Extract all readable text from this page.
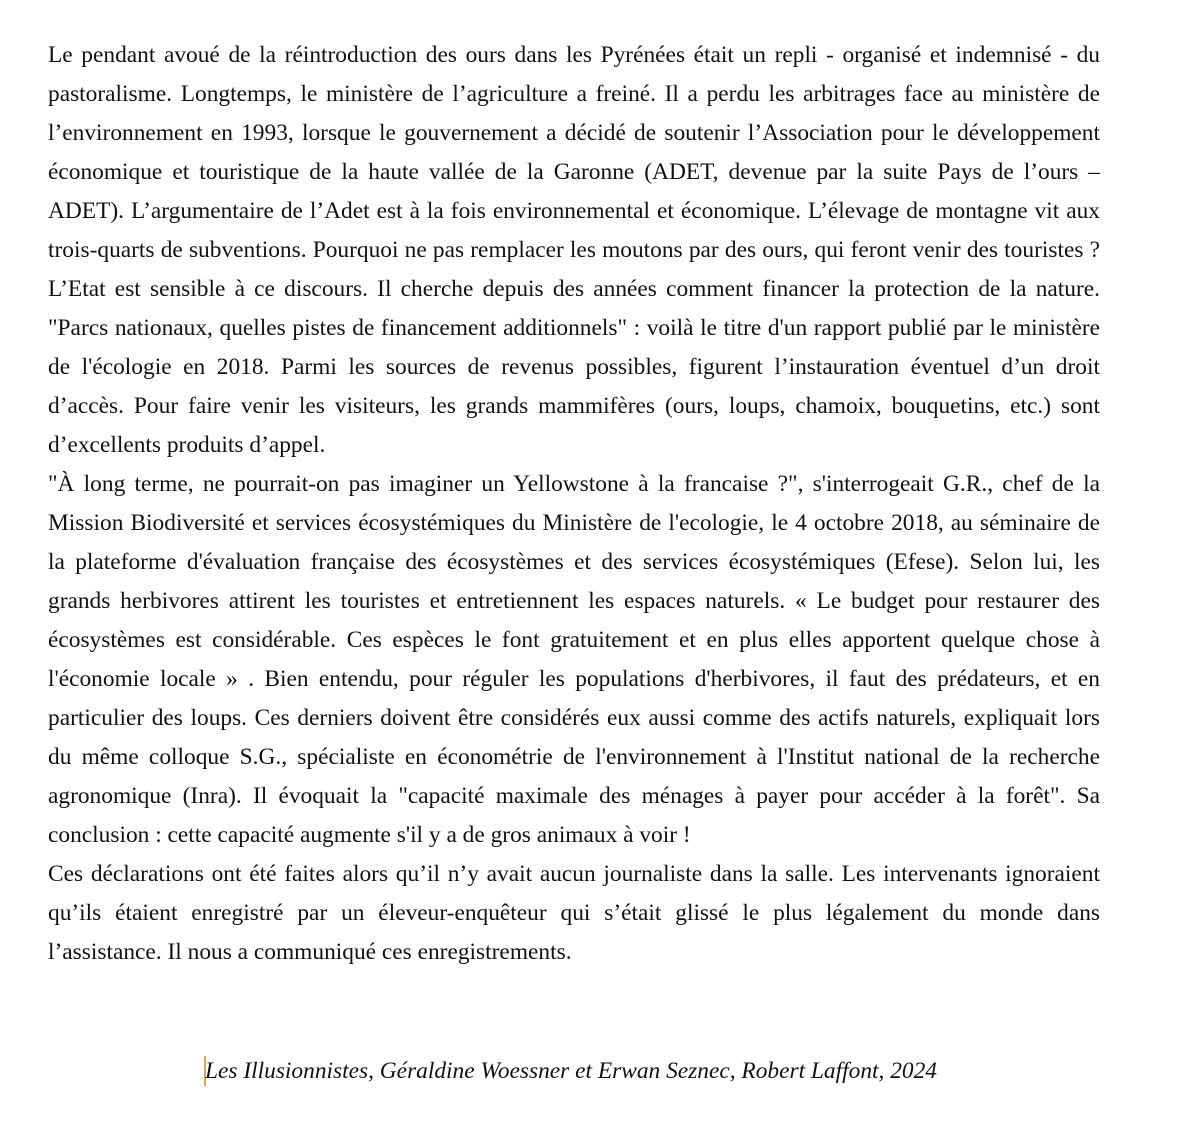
Le pendant avoué de la réintroduction des ours dans les Pyrénées était un repli - organisé et indemnisé - du pastoralisme. Longtemps, le ministère de l’agriculture a freiné. Il a perdu les arbitrages face au ministère de l’environnement en 1993, lorsque le gouvernement a décidé de soutenir l’Association pour le développement économique et touristique de la haute vallée de la Garonne (ADET, devenue par la suite Pays de l’ours – ADET). L’argumentaire de l’Adet est à la fois environnemental et économique. L’élevage de montagne vit aux trois-quarts de subventions. Pourquoi ne pas remplacer les moutons par des ours, qui feront venir des touristes ? L’Etat est sensible à ce discours. Il cherche depuis des années comment financer la protection de la nature. "Parcs nationaux, quelles pistes de financement additionnels" : voilà le titre d'un rapport publié par le ministère de l'écologie en 2018. Parmi les sources de revenus possibles, figurent l’instauration éventuel d’un droit d’accès. Pour faire venir les visiteurs, les grands mammifères (ours, loups, chamoix, bouquetins, etc.) sont d’excellents produits d’appel.

"À long terme, ne pourrait-on pas imaginer un Yellowstone à la francaise ?", s'interrogeait G.R., chef de la Mission Biodiversité et services écosystémiques du Ministère de l'ecologie, le 4 octobre 2018, au séminaire de la plateforme d'évaluation française des écosystèmes et des services écosystémiques (Efese). Selon lui, les grands herbivores attirent les touristes et entretiennent les espaces naturels. « Le budget pour restaurer des écosystèmes est considérable. Ces espèces le font gratuitement et en plus elles apportent quelque chose à l'économie locale » . Bien entendu, pour réguler les populations d'herbivores, il faut des prédateurs, et en particulier des loups. Ces derniers doivent être considérés eux aussi comme des actifs naturels, expliquait lors du même colloque S.G., spécialiste en économétrie de l'environnement à l'Institut national de la recherche agronomique (Inra). Il évoquait la "capacité maximale des ménages à payer pour accéder à la forêt". Sa conclusion : cette capacité augmente s'il y a de gros animaux à voir !

Ces déclarations ont été faites alors qu’il n’y avait aucun journaliste dans la salle. Les intervenants ignoraient qu’ils étaient enregistré par un éleveur-enquêteur qui s’était glissé le plus légalement du monde dans l’assistance. Il nous a communiqué ces enregistrements.

Les Illusionnistes, Géraldine Woessner et Erwan Seznec, Robert Laffont, 2024
